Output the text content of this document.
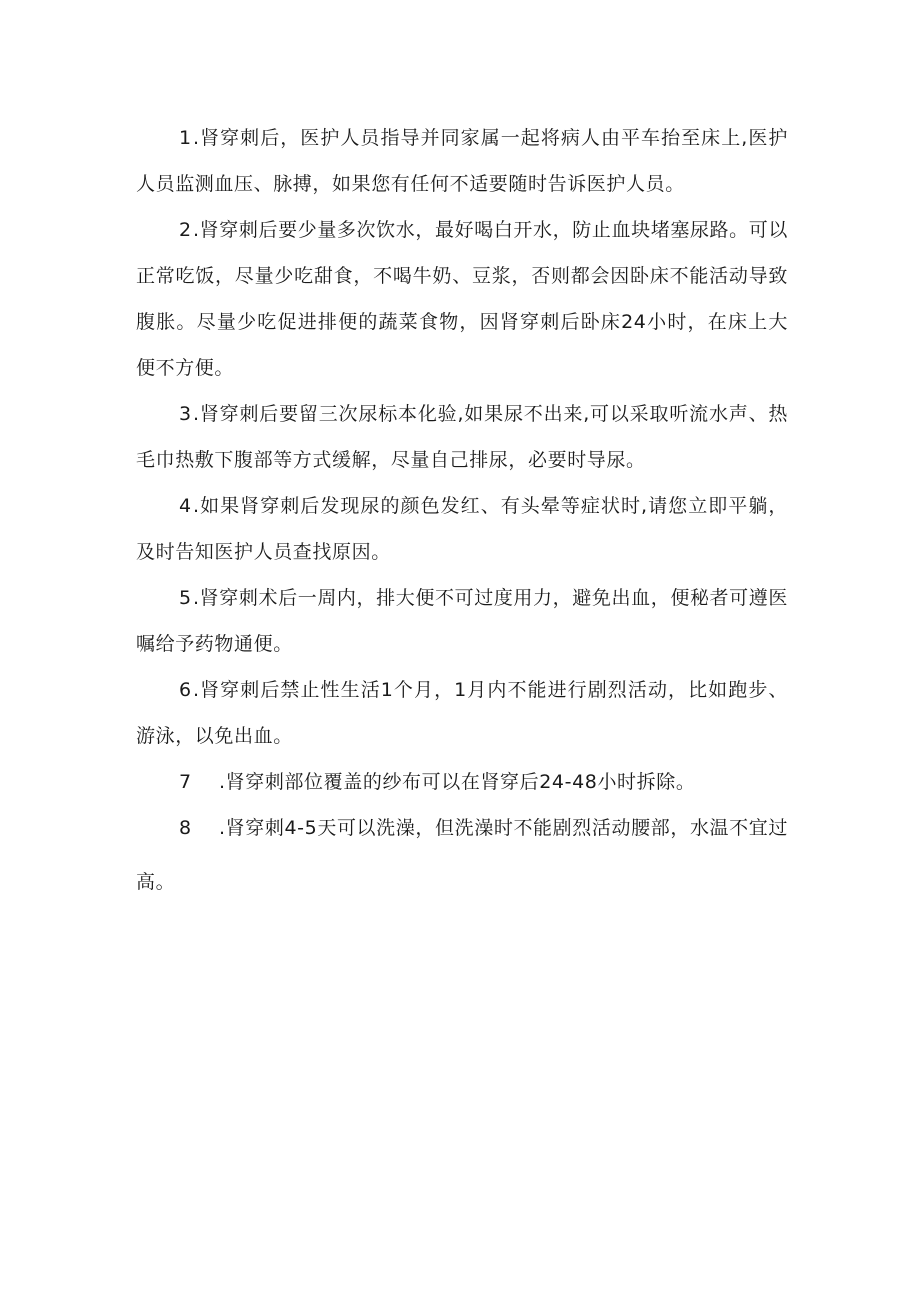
1.肾穿刺后，医护人员指导并同家属一起将病人由平车抬至床上,医护人员监测血压、脉搏，如果您有任何不适要随时告诉医护人员。

2.肾穿刺后要少量多次饮水，最好喝白开水，防止血块堵塞尿路。可以正常吃饭，尽量少吃甜食，不喝牛奶、豆浆，否则都会因卧床不能活动导致腹胀。尽量少吃促进排便的蔬菜食物，因肾穿刺后卧床24小时，在床上大便不方便。

3.肾穿刺后要留三次尿标本化验,如果尿不出来,可以采取听流水声、热毛巾热敷下腹部等方式缓解，尽量自己排尿，必要时导尿。

4.如果肾穿刺后发现尿的颜色发红、有头晕等症状时,请您立即平躺，及时告知医护人员查找原因。

5.肾穿刺术后一周内，排大便不可过度用力，避免出血，便秘者可遵医嘱给予药物通便。

6.肾穿刺后禁止性生活1个月，1月内不能进行剧烈活动，比如跑步、游泳，以免出血。

7 .肾穿刺部位覆盖的纱布可以在肾穿后24-48小时拆除。

8 .肾穿刺4-5天可以洗澡，但洗澡时不能剧烈活动腰部，水温不宜过高。
